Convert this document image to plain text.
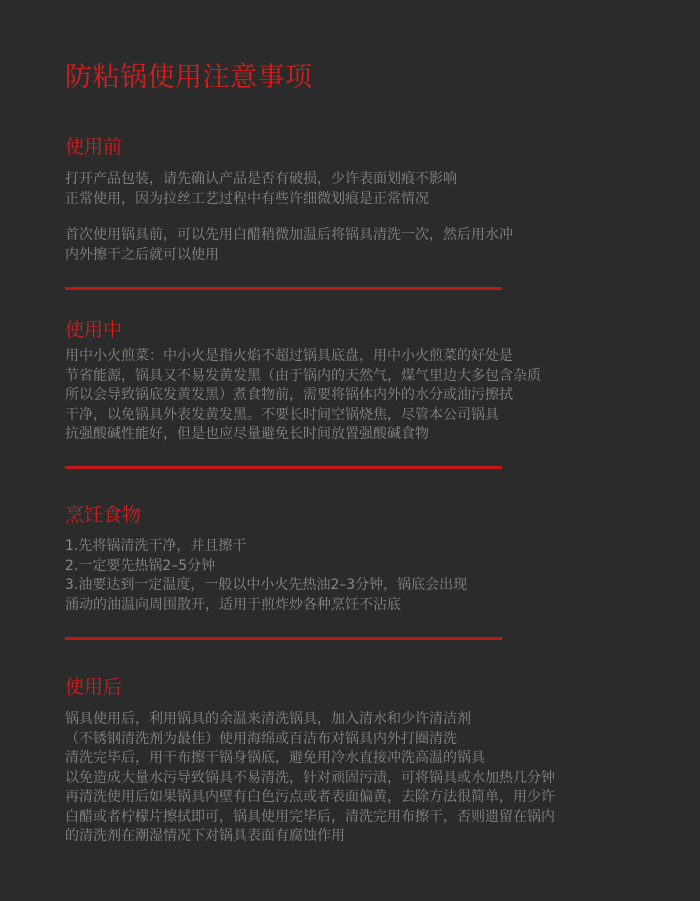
防粘锅使用注意事项
使用前
打开产品包装，请先确认产品是否有破损，少许表面划痕不影响
正常使用，因为拉丝工艺过程中有些许细微划痕是正常情况
首次使用锅具前，可以先用白醋稍微加温后将锅具清洗一次，然后用水冲
内外擦干之后就可以使用
使用中
用中小火煎菜：中小火是指火焰不超过锅具底盘，用中小火煎菜的好处是
节省能源，锅具又不易发黄发黑（由于锅内的天然气，煤气里边大多包含杂质
所以会导致锅底发黄发黑）煮食物前，需要将锅体内外的水分或油污擦拭
干净，以免锅具外表发黄发黑。不要长时间空锅烧焦，尽管本公司锅具
抗强酸碱性能好，但是也应尽量避免长时间放置强酸碱食物
烹饪食物
1.先将锅清洗干净，并且擦干
2.一定要先热锅2–5分钟
3.油要达到一定温度，一般以中小火先热油2–3分钟，锅底会出现
涌动的油温向周围散开，适用于煎炸炒各种烹饪不沾底
使用后
锅具使用后，利用锅具的余温来清洗锅具，加入清水和少许清洁剂
（不锈钢清洗剂为最佳）使用海绵或百洁布对锅具内外打圈清洗
清洗完毕后，用干布擦干锅身锅底，避免用冷水直接冲洗高温的锅具
以免造成大量水污导致锅具不易清洗，针对顽固污渍，可将锅具或水加热几分钟
再清洗使用后如果锅具内壁有白色污点或者表面偏黄，去除方法很简单，用少许
白醋或者柠檬片擦拭即可，锅具使用完毕后，清洗完用布擦干，否则遗留在锅内
的清洗剂在潮湿情况下对锅具表面有腐蚀作用
